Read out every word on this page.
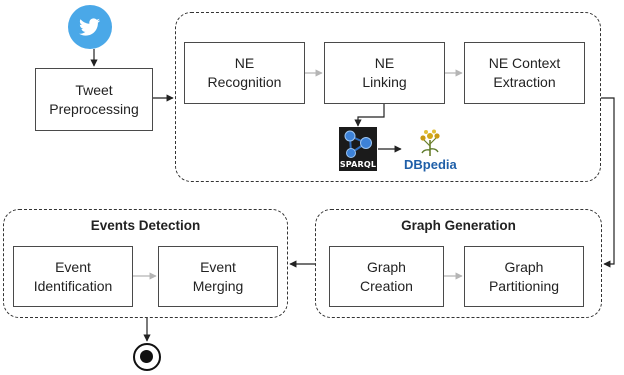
Tweet
Preprocessing
NE
Recognition
NE
Linking
NE Context
Extraction
SPARQL DBpedia
Events Detection
Event
Identification
Event
Merging
Graph Generation
Graph
Creation
Graph
Partitioning
